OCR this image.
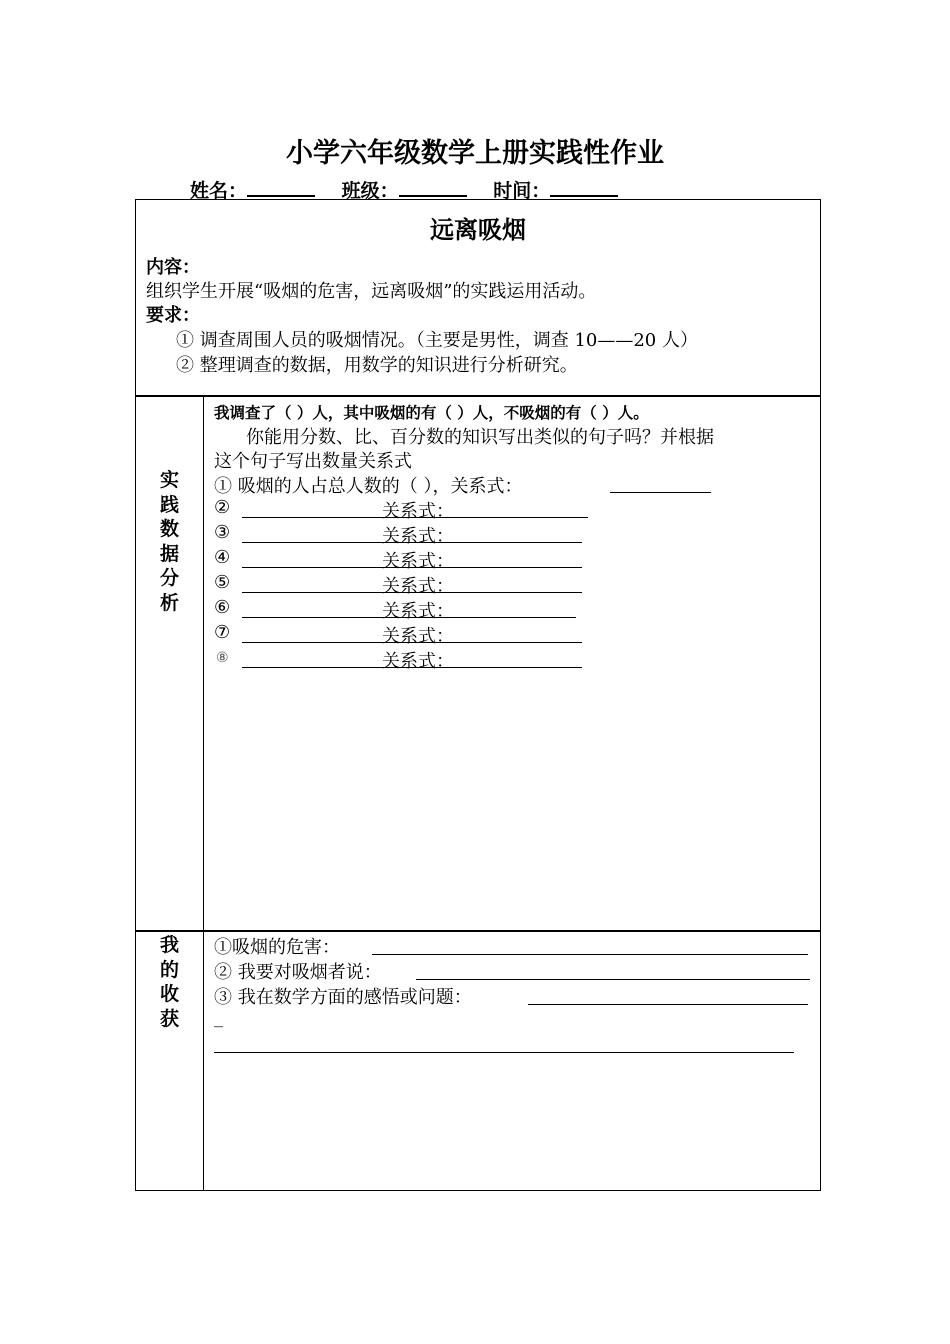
小学六年级数学上册实践性作业
姓名：	班级：	时间：
远离吸烟
内容：
组织学生开展“吸烟的危害，远离吸烟”的实践运用活动。
要求：
① 调查周围人员的吸烟情况。（主要是男性，调查 10——20 人）
② 整理调查的数据，用数学的知识进行分析研究。
实
践
数
据
分
析
我调查了（ ）人，其中吸烟的有（ ）人，不吸烟的有（ ）人。
你能用分数、比、百分数的知识写出类似的句子吗？并根据
这个句子写出数量关系式
① 吸烟的人占总人数的（ ），关系式：
②	关系式：
③	关系式：
④	关系式：
⑤	关系式：
⑥	关系式：
⑦	关系式：
⑧	关系式：
我
的
收
获
①吸烟的危害：
② 我要对吸烟者说：
③ 我在数学方面的感悟或问题：
_
